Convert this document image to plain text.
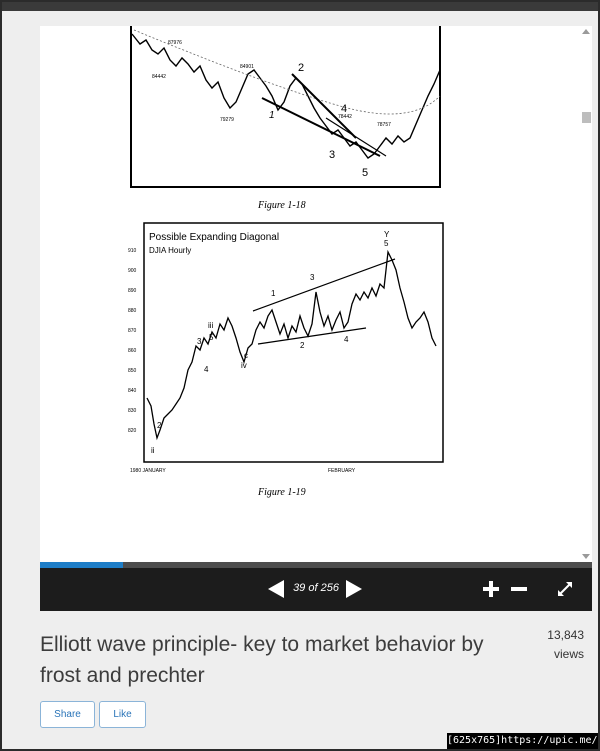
2
1
3
4
5
79279
78757
87976
84442
84901
78442
Figure 1-18
Possible Expanding Diagonal
DJIA Hourly
910
900
890
880
870
860
850
840
830
820
Y
5
1
3
2
4
iii
5
3
4	iv
c
ii
2
1980 JANUARY	FEBRUARY
Figure 1-19
39 of 256
Elliott wave principle- key to market behavior by frost and prechter
13,843
views
Share	Like
[625x765]https://upic.me/
